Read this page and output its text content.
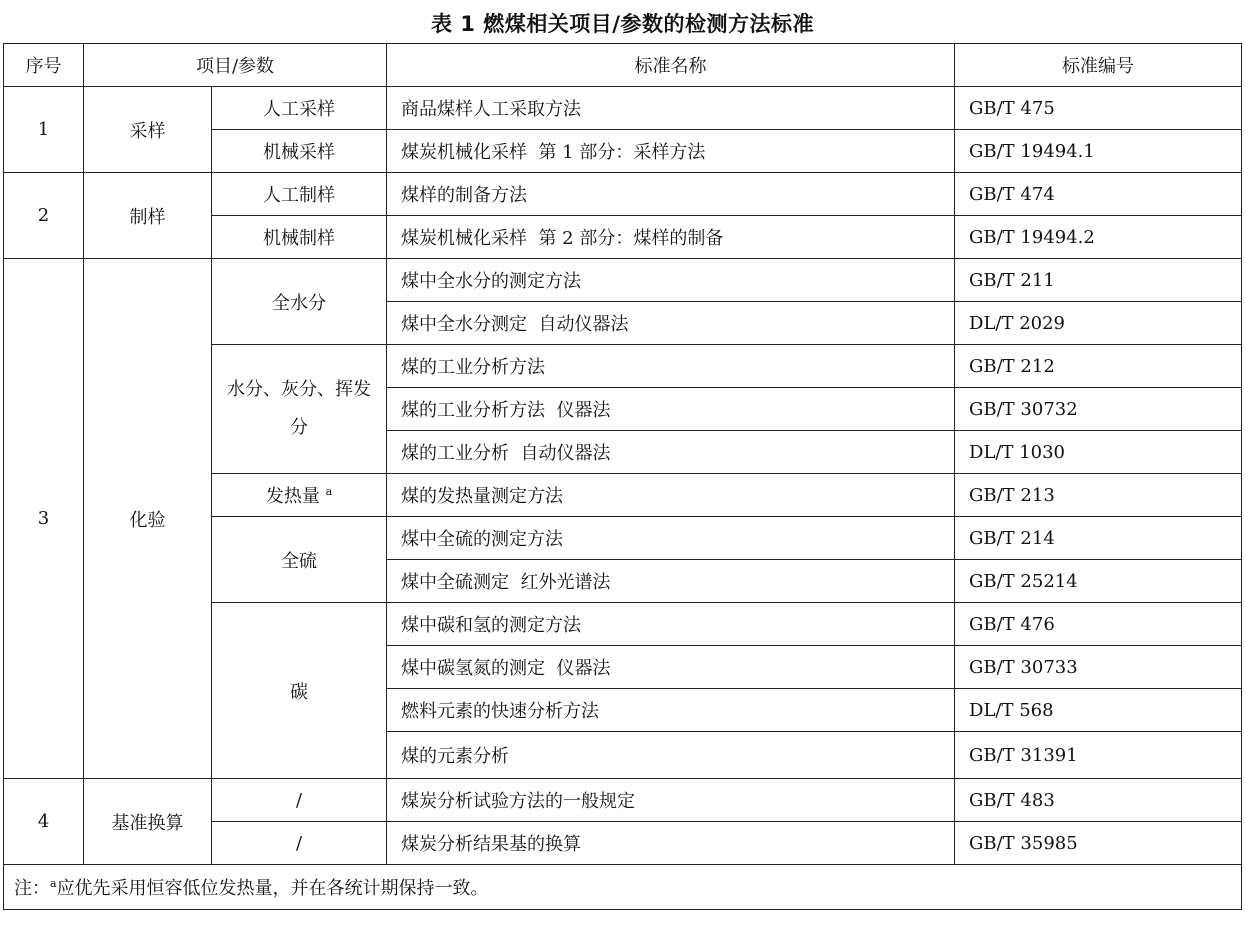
表 1 燃煤相关项目/参数的检测方法标准
序号	项目/参数		标准名称	标准编号
1	采样	人工采样	商品煤样人工采取方法	GB/T 475
		机械采样	煤炭机械化采样  第 1 部分：采样方法	GB/T 19494.1
2	制样	人工制样	煤样的制备方法	GB/T 474
		机械制样	煤炭机械化采样  第 2 部分：煤样的制备	GB/T 19494.2
3	化验	全水分	煤中全水分的测定方法	GB/T 211
			煤中全水分测定  自动仪器法	DL/T 2029
		水分、灰分、挥发分	煤的工业分析方法	GB/T 212
			煤的工业分析方法  仪器法	GB/T 30732
			煤的工业分析  自动仪器法	DL/T 1030
		发热量 $^a$	煤的发热量测定方法	GB/T 213
		全硫	煤中全硫的测定方法	GB/T 214
			煤中全硫测定  红外光谱法	GB/T 25214
		碳	煤中碳和氢的测定方法	GB/T 476
			煤中碳氢氮的测定  仪器法	GB/T 30733
			燃料元素的快速分析方法	DL/T 568
			煤的元素分析	GB/T 31391
4	基准换算	/	煤炭分析试验方法的一般规定	GB/T 483
		/	煤炭分析结果基的换算	GB/T 35985
注：$^a$应优先采用恒容低位发热量，并在各统计期保持一致。				
